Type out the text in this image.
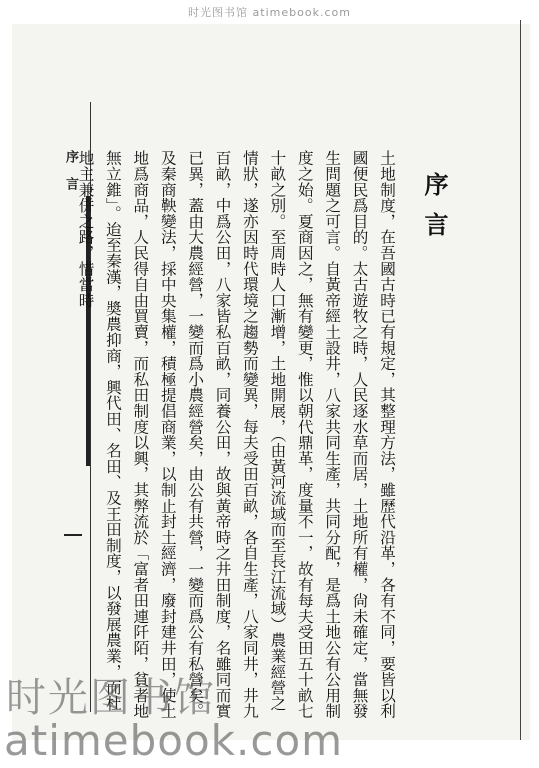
时光图书馆 atimebook.com
序言	序言
土地制度，在吾國古時已有規定，其整理方法，雖歷代沿革，各有不同，要皆以利國便民爲目的。太古遊牧之時，人民逐水草而居，土地所有權，尙未確定，當無發生問題之可言。自黃帝經土設井，八家共同生產，共同分配，是爲土地公有公用制度之始。夏商因之，無有變更，惟以朝代鼎革，度量不一，故有每夫受田五十畝七十畝之別。至周時人口漸增，土地開展，（由黃河流域而至長江流域）農業經營之情狀，遂亦因時代環境之趨勢而變異，每夫受田百畝，各自生產，八家同井，井九百畝，中爲公田，八家皆私百畝，同養公田，故與黃帝時之井田制度，名雖同而實已異，蓋由大農經營，一變而爲小農經營矣，由公有共營，一變而爲公有私營矣。及秦商鞅變法，採中央集權，積極提倡商業，以制止封土經濟，廢封建井田，使土地爲商品，人民得自由買賣，而私田制度以興，其弊流於「富者田連阡陌，貧者地無立錐」。迨至秦漢，奬農抑商，興代田、名田、及王田制度，以發展農業，而杜地主兼併之路，惜當時
时光图书馆
atimebook.com
